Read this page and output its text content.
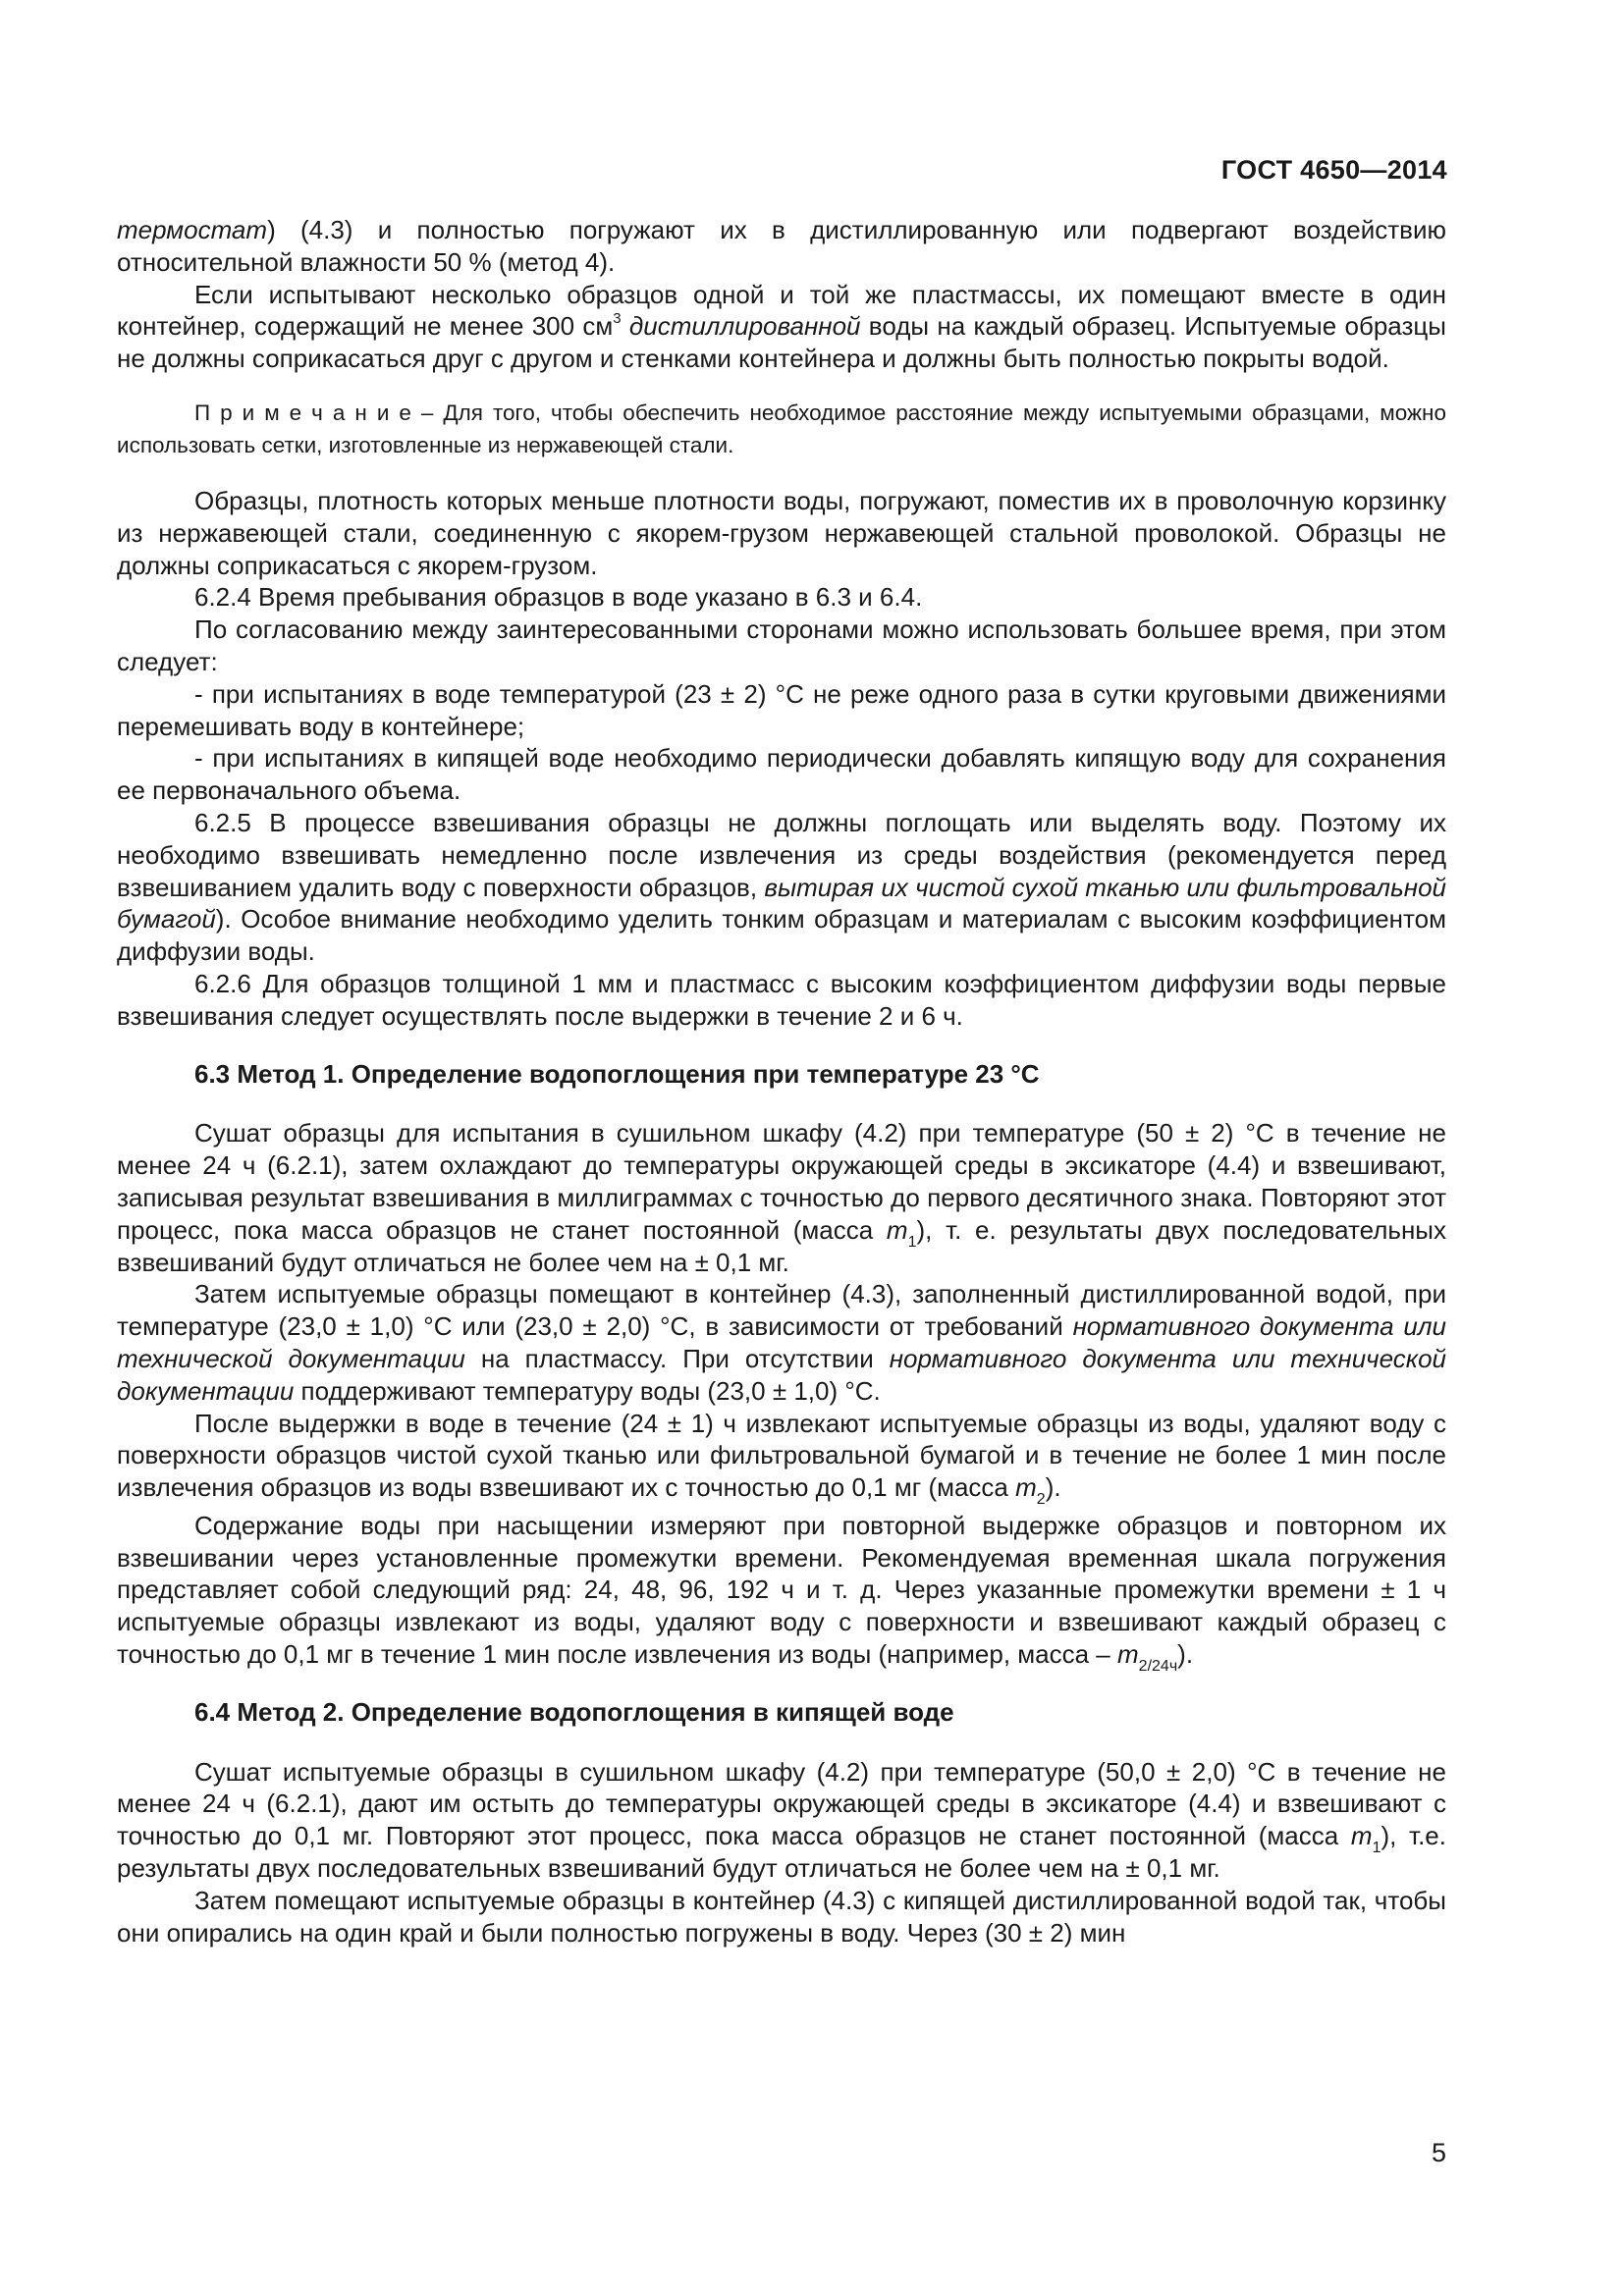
ГОСТ 4650—2014

термостат) (4.3) и полностью погружают их в дистиллированную или подвергают воздействию относительной влажности 50 % (метод 4).

Если испытывают несколько образцов одной и той же пластмассы, их помещают вместе в один контейнер, содержащий не менее 300 $см^3$ дистиллированной воды на каждый образец. Испытуемые образцы не должны соприкасаться друг с другом и стенками контейнера и должны быть полностью покрыты водой.

П р и м е ч а н и е – Для того, чтобы обеспечить необходимое расстояние между испытуемыми образцами, можно использовать сетки, изготовленные из нержавеющей стали.

Образцы, плотность которых меньше плотности воды, погружают, поместив их в проволочную корзинку из нержавеющей стали, соединенную с якорем-грузом нержавеющей стальной проволокой. Образцы не должны соприкасаться с якорем-грузом.

6.2.4 Время пребывания образцов в воде указано в 6.3 и 6.4.

По согласованию между заинтересованными сторонами можно использовать большее время, при этом следует:

- при испытаниях в воде температурой (23 ± 2) °С не реже одного раза в сутки круговыми движениями перемешивать воду в контейнере;

- при испытаниях в кипящей воде необходимо периодически добавлять кипящую воду для сохранения ее первоначального объема.

6.2.5 В процессе взвешивания образцы не должны поглощать или выделять воду. Поэтому их необходимо взвешивать немедленно после извлечения из среды воздействия (рекомендуется перед взвешиванием удалить воду с поверхности образцов, вытирая их чистой сухой тканью или фильтровальной бумагой). Особое внимание необходимо уделить тонким образцам и материалам с высоким коэффициентом диффузии воды.

6.2.6 Для образцов толщиной 1 мм и пластмасс с высоким коэффициентом диффузии воды первые взвешивания следует осуществлять после выдержки в течение 2 и 6 ч.

6.3 Метод 1. Определение водопоглощения при температуре 23 °С

Сушат образцы для испытания в сушильном шкафу (4.2) при температуре (50 ± 2) °С в течение не менее 24 ч (6.2.1), затем охлаждают до температуры окружающей среды в эксикаторе (4.4) и взвешивают, записывая результат взвешивания в миллиграммах с точностью до первого десятичного знака. Повторяют этот процесс, пока масса образцов не станет постоянной (масса $m_1$), т. е. результаты двух последовательных взвешиваний будут отличаться не более чем на ± 0,1 мг.

Затем испытуемые образцы помещают в контейнер (4.3), заполненный дистиллированной водой, при температуре (23,0 ± 1,0) °С или (23,0 ± 2,0) °С, в зависимости от требований нормативного документа или технической документации на пластмассу. При отсутствии нормативного документа или технической документации поддерживают температуру воды (23,0 ± 1,0) °С.

После выдержки в воде в течение (24 ± 1) ч извлекают испытуемые образцы из воды, удаляют воду с поверхности образцов чистой сухой тканью или фильтровальной бумагой и в течение не более 1 мин после извлечения образцов из воды взвешивают их с точностью до 0,1 мг (масса $m_2$).

Содержание воды при насыщении измеряют при повторной выдержке образцов и повторном их взвешивании через установленные промежутки времени. Рекомендуемая временная шкала погружения представляет собой следующий ряд: 24, 48, 96, 192 ч и т. д. Через указанные промежутки времени ± 1 ч испытуемые образцы извлекают из воды, удаляют воду с поверхности и взвешивают каждый образец с точностью до 0,1 мг в течение 1 мин после извлечения из воды (например, масса – $m_{2/24ч}$).

6.4 Метод 2. Определение водопоглощения в кипящей воде

Сушат испытуемые образцы в сушильном шкафу (4.2) при температуре (50,0 ± 2,0) °С в течение не менее 24 ч (6.2.1), дают им остыть до температуры окружающей среды в эксикаторе (4.4) и взвешивают с точностью до 0,1 мг. Повторяют этот процесс, пока масса образцов не станет постоянной (масса $m_1$), т.е. результаты двух последовательных взвешиваний будут отличаться не более чем на ± 0,1 мг.

Затем помещают испытуемые образцы в контейнер (4.3) с кипящей дистиллированной водой так, чтобы они опирались на один край и были полностью погружены в воду. Через (30 ± 2) мин

5
